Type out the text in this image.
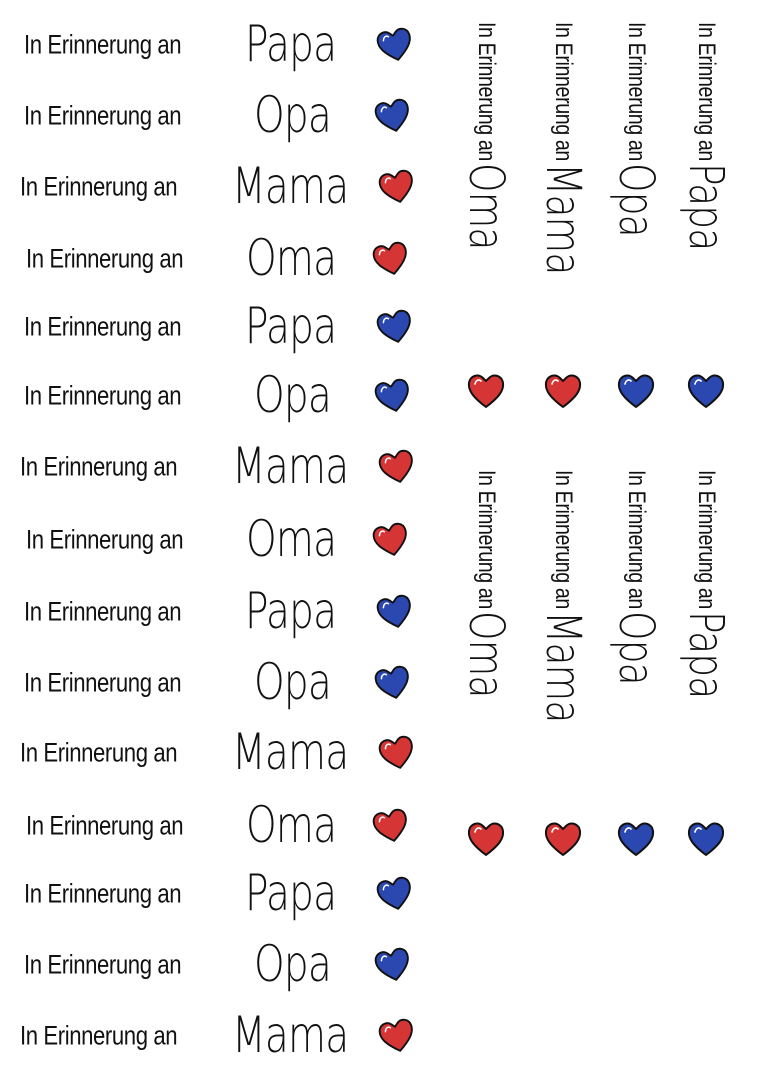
In Erinnerung an Papa
In Erinnerung an Opa
In Erinnerung an Mama
In Erinnerung an Oma
In Erinnerung an Papa
In Erinnerung an Opa
In Erinnerung an Mama
In Erinnerung an Oma
In Erinnerung an Papa
In Erinnerung an Opa
In Erinnerung an Mama
In Erinnerung an Oma
In Erinnerung an Papa
In Erinnerung an Opa
In Erinnerung an Mama
In Erinnerung anOma
In Erinnerung anMama
In Erinnerung anOpa
In Erinnerung anPapa
In Erinnerung anOma
In Erinnerung anMama
In Erinnerung anOpa
In Erinnerung anPapa
